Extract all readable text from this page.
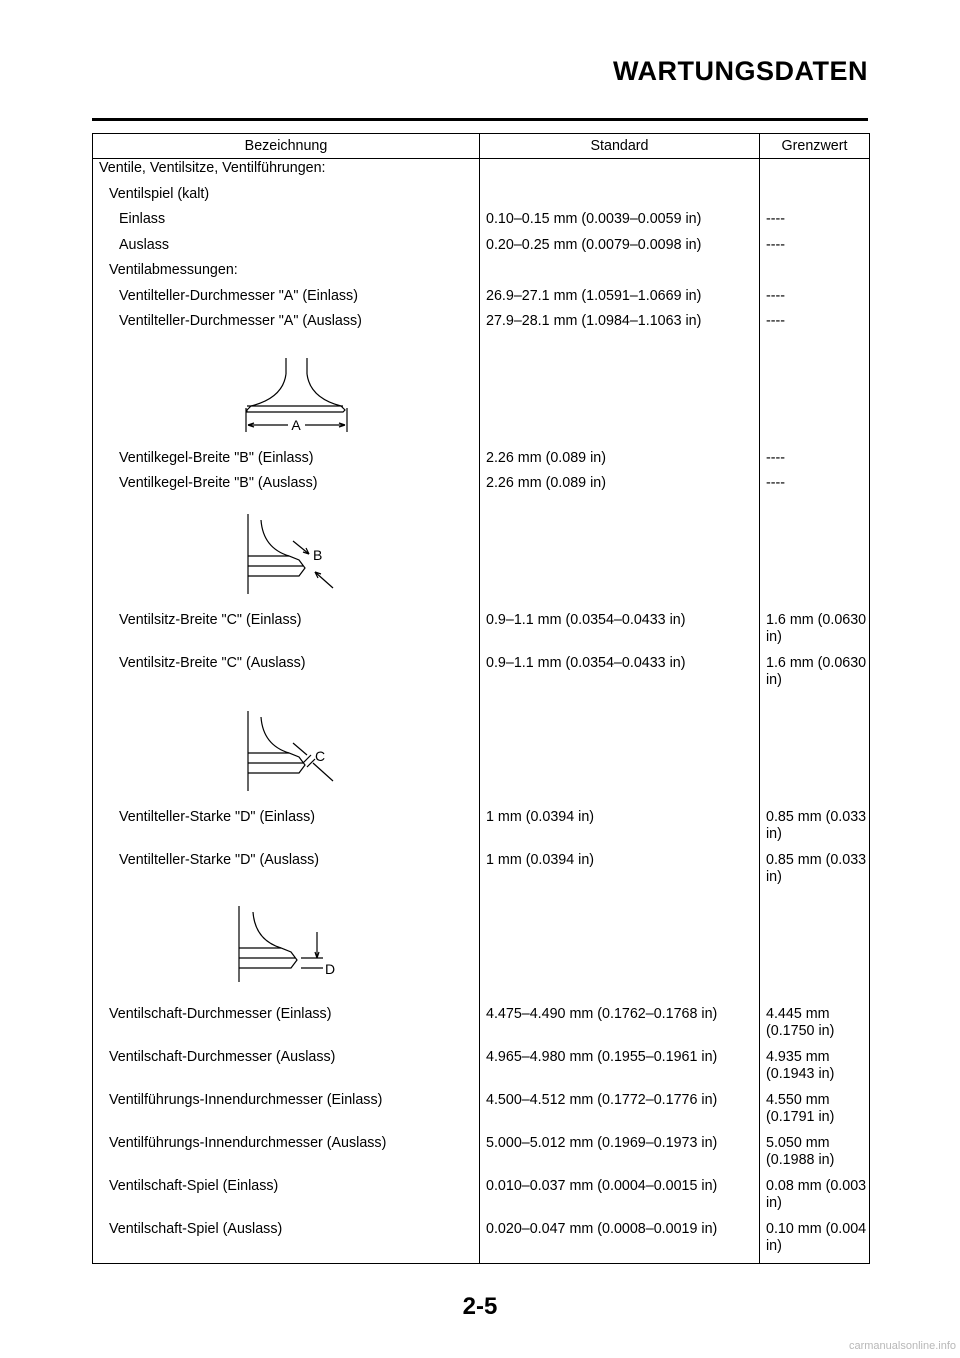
WARTUNGSDATEN
Bezeichnung	Standard	Grenzwert
Ventile, Ventilsitze, Ventilführungen:		
Ventilspiel (kalt)		
Einlass	0.10–0.15 mm (0.0039–0.0059 in)	----
Auslass	0.20–0.25 mm (0.0079–0.0098 in)	----
Ventilabmessungen:		
Ventilteller-Durchmesser "A" (Einlass)	26.9–27.1 mm (1.0591–1.0669 in)	----
Ventilteller-Durchmesser "A" (Auslass)	27.9–28.1 mm (1.0984–1.1063 in)	----

A		

Ventilkegel-Breite "B" (Einlass)	2.26 mm (0.089 in)	----
Ventilkegel-Breite "B" (Auslass)	2.26 mm (0.089 in)	----

B		

Ventilsitz-Breite "C" (Einlass)	0.9–1.1 mm (0.0354–0.0433 in)	1.6 mm (0.0630 in)
Ventilsitz-Breite "C" (Auslass)	0.9–1.1 mm (0.0354–0.0433 in)	1.6 mm (0.0630 in)

C		

Ventilteller-Starke "D" (Einlass)	1 mm (0.0394 in)	0.85 mm (0.033 in)
Ventilteller-Starke "D" (Auslass)	1 mm (0.0394 in)	0.85 mm (0.033 in)

D		

Ventilschaft-Durchmesser (Einlass)	4.475–4.490 mm (0.1762–0.1768 in)	4.445 mm (0.1750 in)
Ventilschaft-Durchmesser (Auslass)	4.965–4.980 mm (0.1955–0.1961 in)	4.935 mm (0.1943 in)
Ventilführungs-Innendurchmesser (Einlass)	4.500–4.512 mm (0.1772–0.1776 in)	4.550 mm (0.1791 in)
Ventilführungs-Innendurchmesser (Auslass)	5.000–5.012 mm (0.1969–0.1973 in)	5.050 mm (0.1988 in)
Ventilschaft-Spiel (Einlass)	0.010–0.037 mm (0.0004–0.0015 in)	0.08 mm (0.003 in)
Ventilschaft-Spiel (Auslass)	0.020–0.047 mm (0.0008–0.0019 in)	0.10 mm (0.004 in)
2-5
carmanualsonline.info
